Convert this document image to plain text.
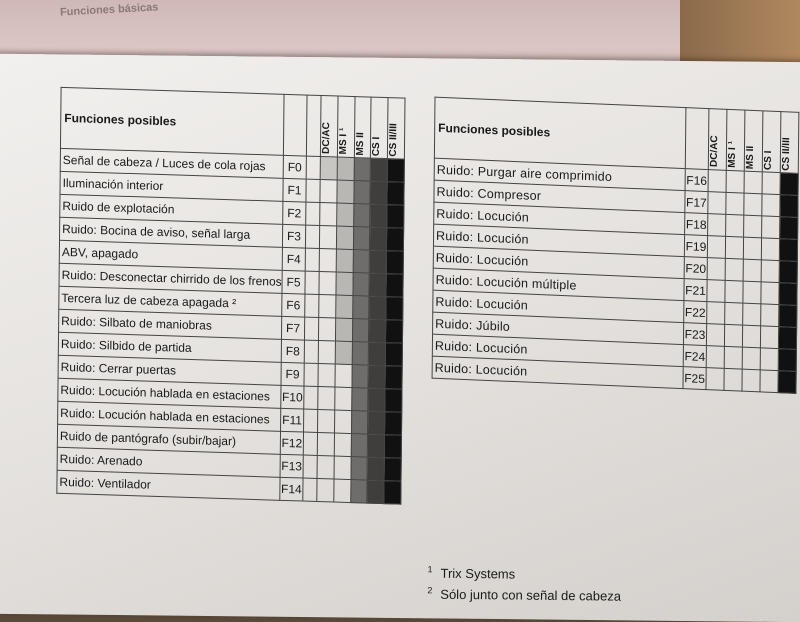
Funciones básicas
Funciones posibles			DC/AC	MS I ¹	MS II	CS I	CS II/III

Señal de cabeza / Luces de cola rojas	F0						
Iluminación interior	F1						
Ruido de explotación	F2						
Ruido: Bocina de aviso, señal larga	F3						
ABV, apagado	F4						
Ruido: Desconectar chirrido de los frenos	F5						
Tercera luz de cabeza apagada ²	F6						
Ruido: Silbato de maniobras	F7						
Ruido: Silbido de partida	F8						
Ruido: Cerrar puertas	F9						
Ruido: Locución hablada en estaciones	F10						
Ruido: Locución hablada en estaciones	F11						
Ruido de pantógrafo (subir/bajar)	F12						
Ruido: Arenado	F13						
Ruido: Ventilador	F14						
Funciones posibles		DC/AC	MS I ¹	MS II	CS I	CS II/III

Ruido: Purgar aire comprimido	F16					
Ruido: Compresor	F17					
Ruido: Locución	F18					
Ruido: Locución	F19					
Ruido: Locución	F20					
Ruido: Locución múltiple	F21					
Ruido: Locución	F22					
Ruido: Júbilo	F23					
Ruido: Locución	F24					
Ruido: Locución	F25					
$^1$ Trix Systems
$^2$ Sólo junto con señal de cabeza
